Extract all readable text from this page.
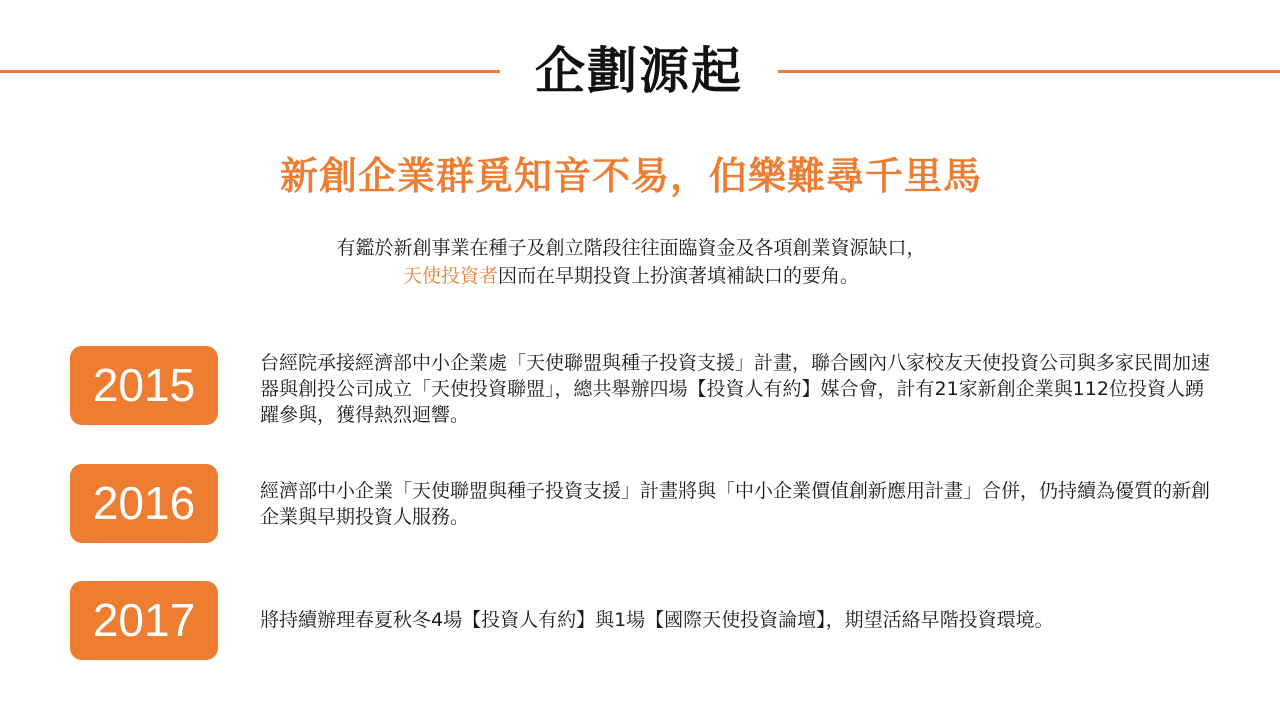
企劃源起
新創企業群覓知音不易，伯樂難尋千里馬
有鑑於新創事業在種子及創立階段往往面臨資金及各項創業資源缺口，
天使投資者因而在早期投資上扮演著填補缺口的要角。
2015	台經院承接經濟部中小企業處「天使聯盟與種子投資支援」計畫，聯合國內八家校友天使投資公司與多家民間加速器與創投公司成立「天使投資聯盟」，總共舉辦四場【投資人有約】媒合會，計有21家新創企業與112位投資人踴躍參與，獲得熱烈迴響。
2016	經濟部中小企業「天使聯盟與種子投資支援」計畫將與「中小企業價值創新應用計畫」合併，仍持續為優質的新創企業與早期投資人服務。
2017	將持續辦理春夏秋冬4場【投資人有約】與1場【國際天使投資論壇】，期望活絡早階投資環境。
